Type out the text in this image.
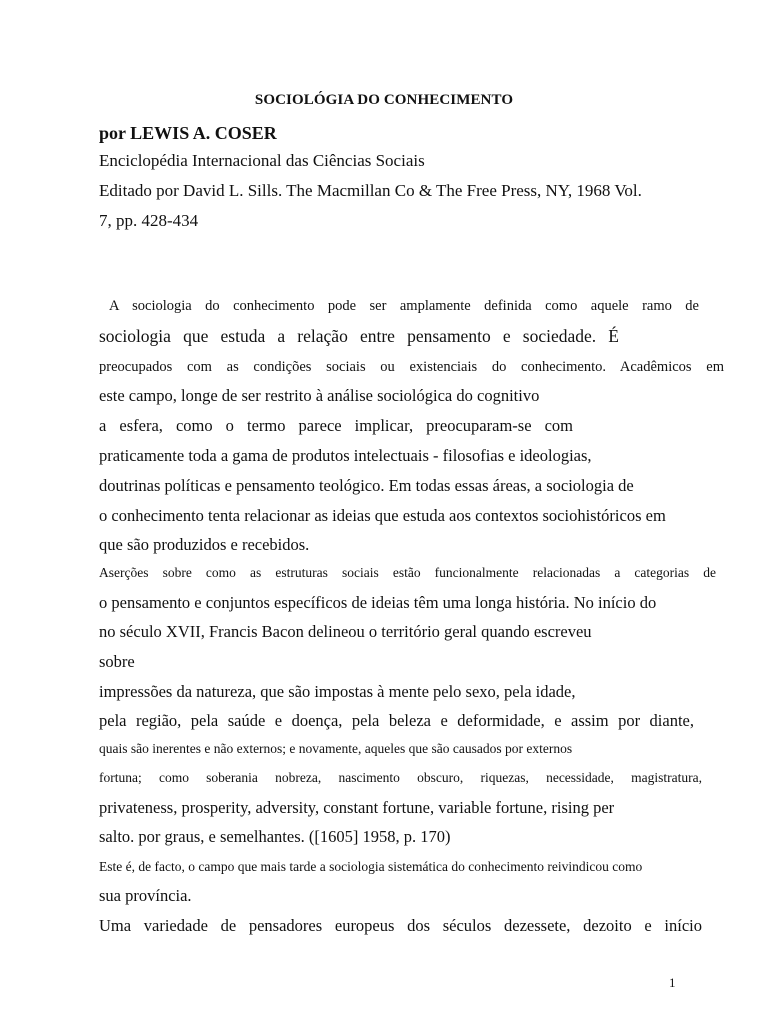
SOCIOLÓGIA DO CONHECIMENTO
por LEWIS A. COSER
Enciclopédia Internacional das Ciências Sociais
Editado por David L. Sills. The Macmillan Co & The Free Press, NY, 1968 Vol.
7, pp. 428-434
A sociologia do conhecimento pode ser amplamente definida como aquele ramo de
sociologia que estuda a relação entre pensamento e sociedade. É
preocupados com as condições sociais ou existenciais do conhecimento. Acadêmicos em
este campo, longe de ser restrito à análise sociológica do cognitivo
a esfera, como o termo parece implicar, preocuparam-se com
praticamente toda a gama de produtos intelectuais - filosofias e ideologias,
doutrinas políticas e pensamento teológico. Em todas essas áreas, a sociologia de
o conhecimento tenta relacionar as ideias que estuda aos contextos sociohistóricos em
que são produzidos e recebidos.
Aserções sobre como as estruturas sociais estão funcionalmente relacionadas a categorias de
o pensamento e conjuntos específicos de ideias têm uma longa história. No início do
no século XVII, Francis Bacon delineou o território geral quando escreveu
sobre
impressões da natureza, que são impostas à mente pelo sexo, pela idade,
pela região, pela saúde e doença, pela beleza e deformidade, e assim por diante,
quais são inerentes e não externos; e novamente, aqueles que são causados por externos
fortuna; como soberania nobreza, nascimento obscuro, riquezas, necessidade, magistratura,
privateness, prosperity, adversity, constant fortune, variable fortune, rising per
salto. por graus, e semelhantes. ([1605] 1958, p. 170)
Este é, de facto, o campo que mais tarde a sociologia sistemática do conhecimento reivindicou como
sua província.
Uma variedade de pensadores europeus dos séculos dezessete, dezoito e início
1
